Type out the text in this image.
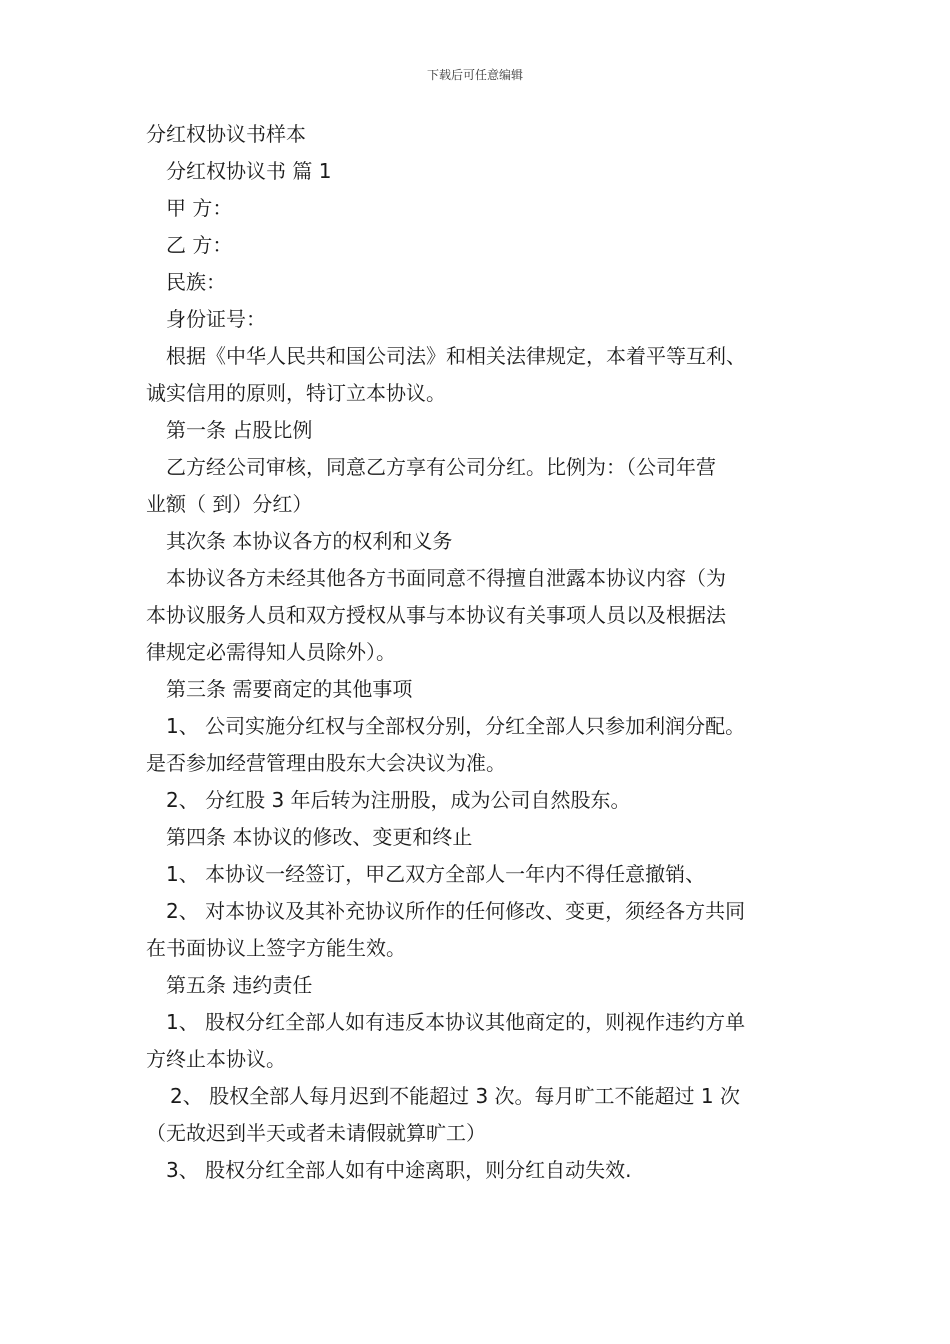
下载后可任意编辑
分红权协议书样本
分红权协议书 篇 1
甲 方：
乙 方：
民族：
身份证号：
根据《中华人民共和国公司法》和相关法律规定，本着平等互利、
诚实信用的原则，特订立本协议。
第一条 占股比例
乙方经公司审核，同意乙方享有公司分红。比例为：（公司年营
业额（ 到）分红）
其次条 本协议各方的权利和义务
本协议各方未经其他各方书面同意不得擅自泄露本协议内容（为
本协议服务人员和双方授权从事与本协议有关事项人员以及根据法
律规定必需得知人员除外）。
第三条 需要商定的其他事项
1、 公司实施分红权与全部权分别，分红全部人只参加利润分配。
是否参加经营管理由股东大会决议为准。
2、 分红股 3 年后转为注册股，成为公司自然股东。
第四条 本协议的修改、变更和终止
1、 本协议一经签订，甲乙双方全部人一年内不得任意撤销、
2、 对本协议及其补充协议所作的任何修改、变更，须经各方共同
在书面协议上签字方能生效。
第五条 违约责任
1、 股权分红全部人如有违反本协议其他商定的，则视作违约方单
方终止本协议。
2、 股权全部人每月迟到不能超过 3 次。每月旷工不能超过 1 次
（无故迟到半天或者未请假就算旷工）
3、 股权分红全部人如有中途离职，则分红自动失效.
